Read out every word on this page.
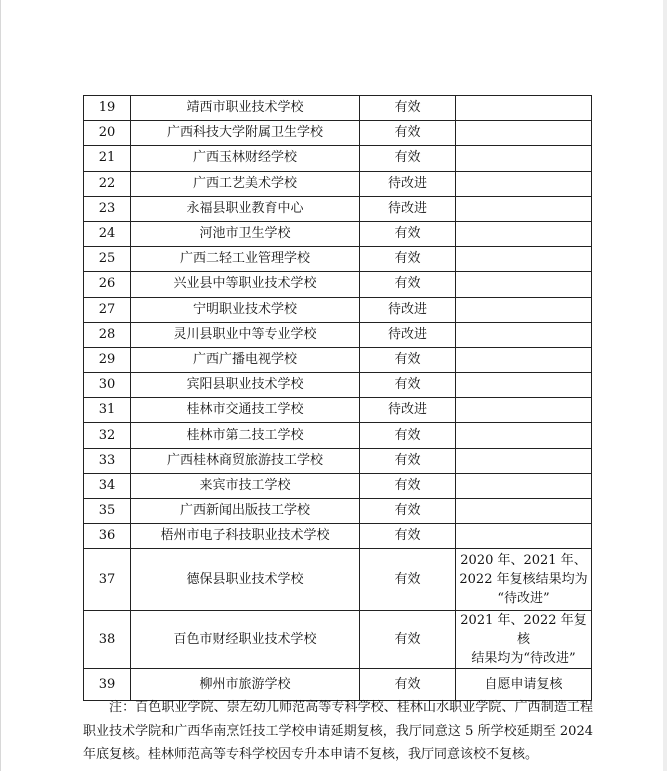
19	靖西市职业技术学校	有效	

20	广西科技大学附属卫生学校	有效	

21	广西玉林财经学校	有效	

22	广西工艺美术学校	待改进	

23	永福县职业教育中心	待改进	

24	河池市卫生学校	有效	

25	广西二轻工业管理学校	有效	

26	兴业县中等职业技术学校	有效	

27	宁明职业技术学校	待改进	

28	灵川县职业中等专业学校	待改进	

29	广西广播电视学校	有效	

30	宾阳县职业技术学校	有效	

31	桂林市交通技工学校	待改进	

32	桂林市第二技工学校	有效	

33	广西桂林商贸旅游技工学校	有效	

34	来宾市技工学校	有效	

35	广西新闻出版技工学校	有效	

36	梧州市电子科技职业技术学校	有效	

37	德保县职业技术学校	有效	2020 年、2021 年、
2022 年复核结果均为
“待改进”

38	百色市财经职业技术学校	有效	2021 年、2022 年复核
结果均为“待改进”

39	柳州市旅游学校	有效	自愿申请复核

注：百色职业学院、崇左幼儿师范高等专科学校、桂林山水职业学院、广西制造工程职业技术学院和广西华南烹饪技工学校申请延期复核，我厅同意这 5 所学校延期至 2024 年底复核。桂林师范高等专科学校因专升本申请不复核，我厅同意该校不复核。
